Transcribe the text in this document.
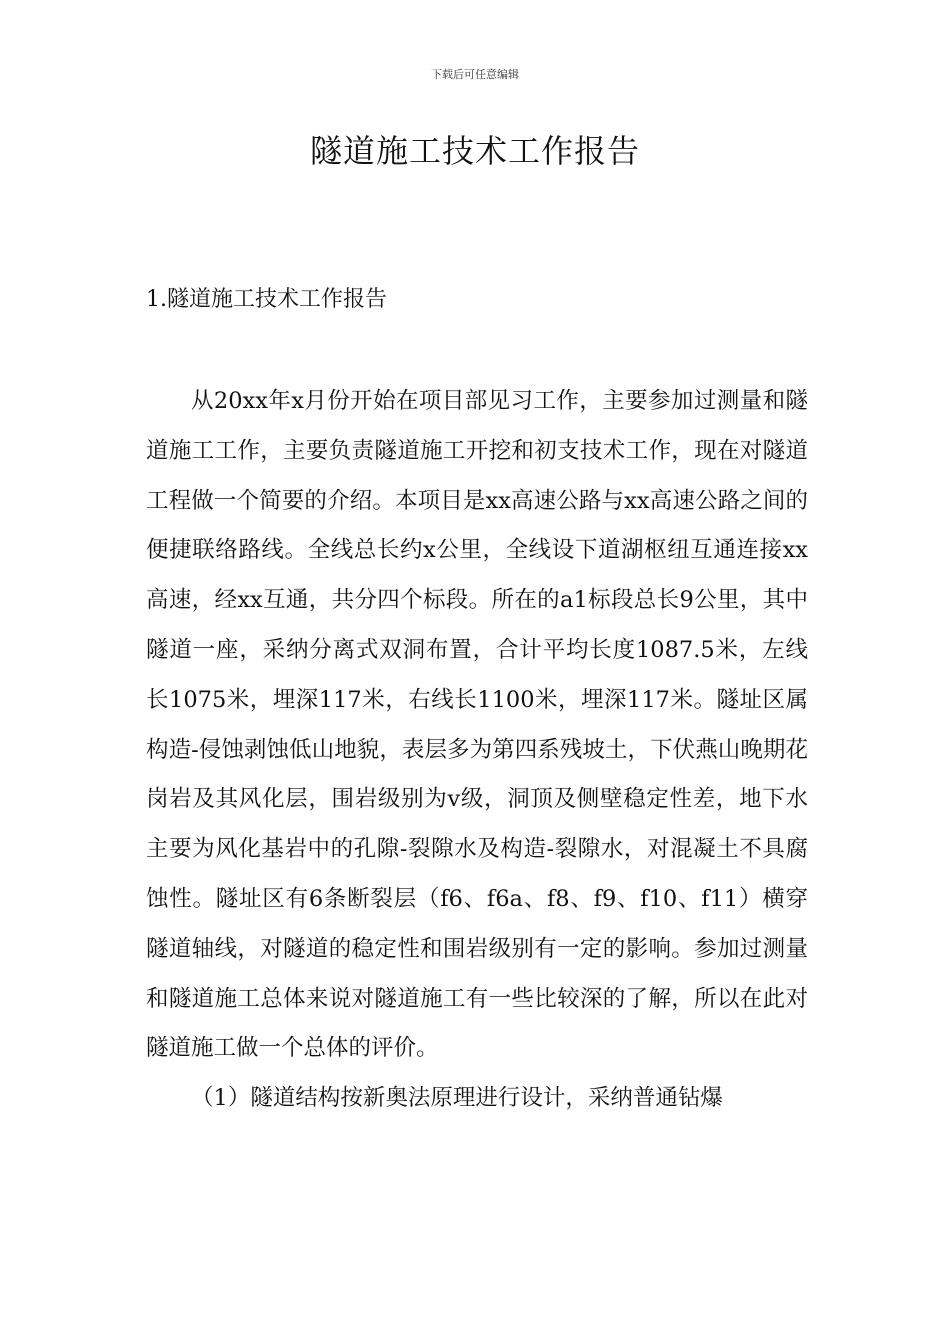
下载后可任意编辑
隧道施工技术工作报告
1.隧道施工技术工作报告

从20xx年x月份开始在项目部见习工作，主要参加过测量和隧道施工工作，主要负责隧道施工开挖和初支技术工作，现在对隧道工程做一个简要的介绍。本项目是xx高速公路与xx高速公路之间的便捷联络路线。全线总长约x公里，全线设下道湖枢纽互通连接xx高速，经xx互通，共分四个标段。所在的a1标段总长9公里，其中隧道一座，采纳分离式双洞布置，合计平均长度1087.5米，左线长1075米，埋深117米，右线长1100米，埋深117米。隧址区属构造-侵蚀剥蚀低山地貌，表层多为第四系残坡土，下伏燕山晚期花岗岩及其风化层，围岩级别为v级，洞顶及侧壁稳定性差，地下水主要为风化基岩中的孔隙-裂隙水及构造-裂隙水，对混凝土不具腐蚀性。隧址区有6条断裂层（f6、f6a、f8、f9、f10、f11）横穿隧道轴线，对隧道的稳定性和围岩级别有一定的影响。参加过测量和隧道施工总体来说对隧道施工有一些比较深的了解，所以在此对隧道施工做一个总体的评价。

（1）隧道结构按新奥法原理进行设计，采纳普通钻爆
